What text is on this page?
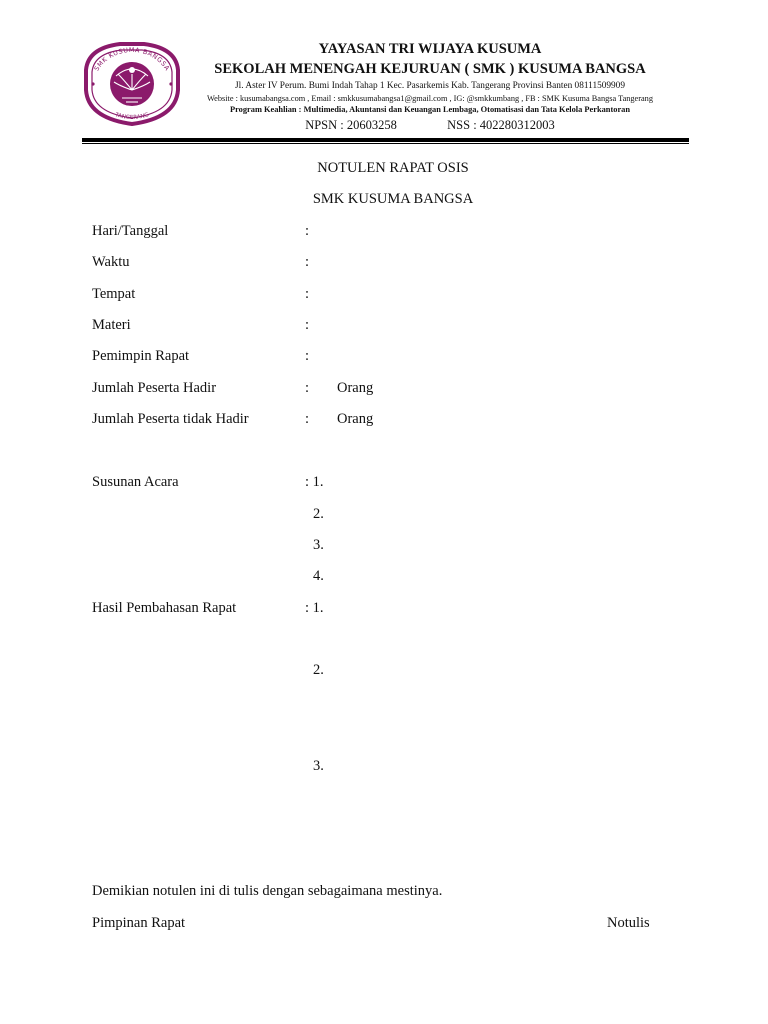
SMK KUSUMA BANGSA
TANGERANG
YAYASAN TRI WIJAYA KUSUMA
SEKOLAH MENENGAH KEJURUAN ( SMK ) KUSUMA BANGSA
Jl. Aster IV Perum. Bumi Indah Tahap 1 Kec. Pasarkemis Kab. Tangerang Provinsi Banten 08111509909
Website : kusumabangsa.com , Email : smkkusumabangsa1@gmail.com , IG: @smkkumbang , FB : SMK Kusuma Bangsa Tangerang
Program Keahlian : Multimedia, Akuntansi dan Keuangan Lembaga, Otomatisasi dan Tata Kelola Perkantoran
NPSN : 20603258	NSS : 402280312003
NOTULEN RAPAT OSIS
SMK KUSUMA BANGSA
Hari/Tanggal	:
Waktu	:
Tempat	:
Materi	:
Pemimpin Rapat	:
Jumlah Peserta Hadir	: Orang
Jumlah Peserta tidak Hadir	: Orang
Susunan Acara	: 1.
2.
3.
4.
Hasil Pembahasan Rapat	: 1.
2.
3.
Demikian notulen ini di tulis dengan sebagaimana mestinya.
Pimpinan Rapat	Notulis
